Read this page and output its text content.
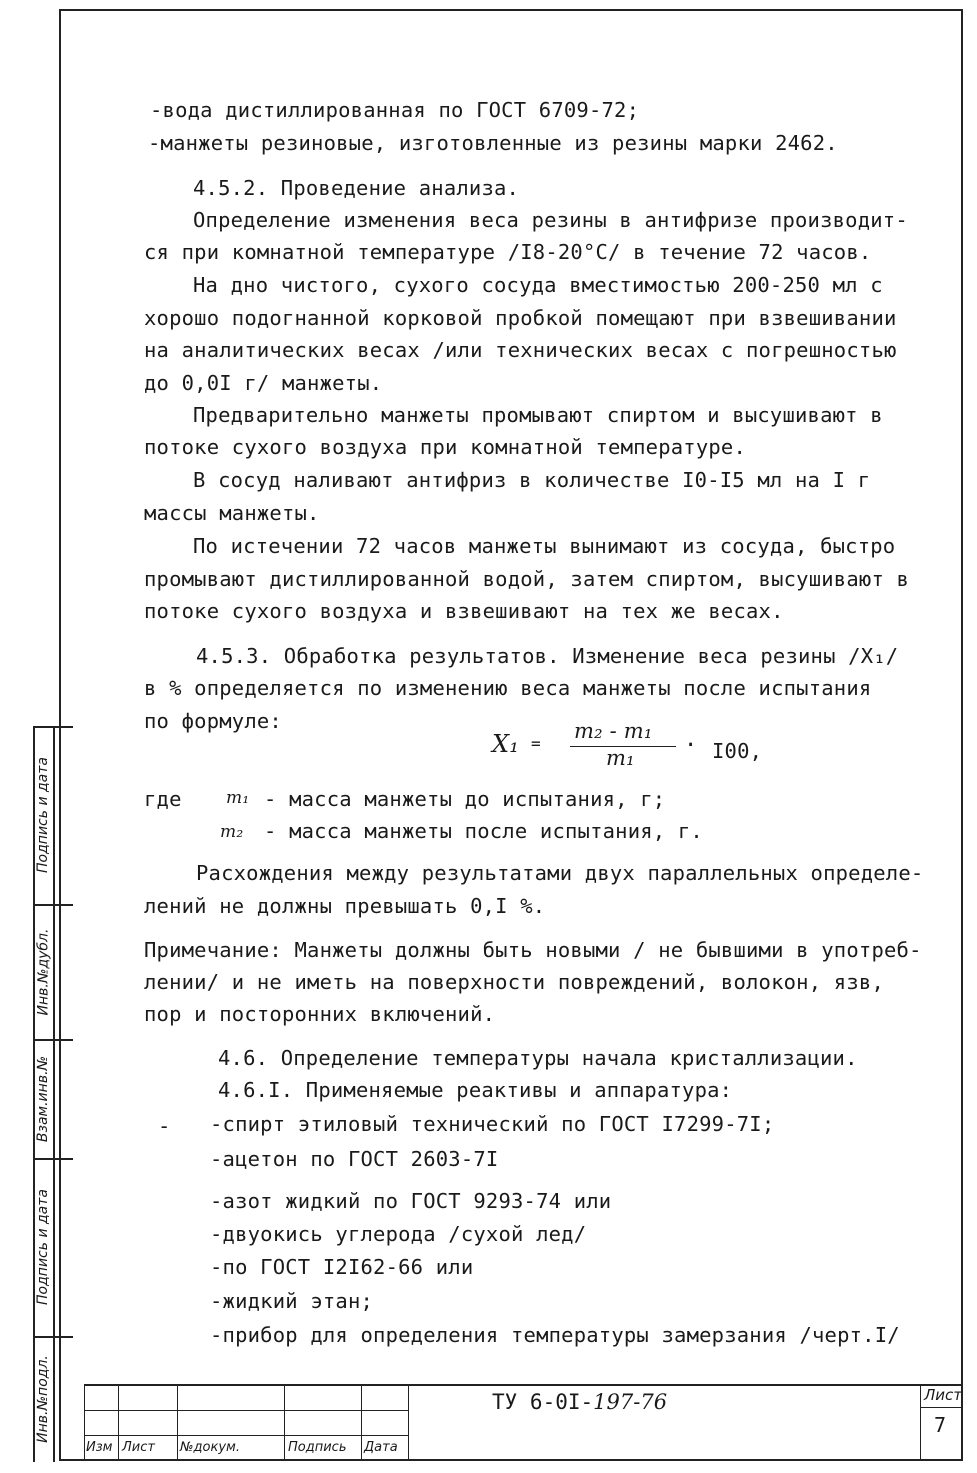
-вода дистиллированная по ГОСТ 6709-72;
-манжеты резиновые, изготовленные из резины марки 2462.
4.5.2. Проведение анализа.
Определение изменения веса резины в антифризе производит-
ся при комнатной температуре /I8-20°С/ в течение 72 часов.
На дно чистого, сухого сосуда вместимостью 200-250 мл с
хорошо подогнанной корковой пробкой помещают при взвешивании
на аналитических весах /или технических весах с погрешностью
до 0,0I г/ манжеты.
Предварительно манжеты промывают спиртом и высушивают в
потоке сухого воздуха при комнатной температуре.
В сосуд наливают антифриз в количестве I0-I5 мл на I г
массы манжеты.
По истечении 72 часов манжеты вынимают из сосуда, быстро
промывают дистиллированной водой, затем спиртом, высушивают в
потоке сухого воздуха и взвешивают на тех же весах.
4.5.3. Обработка результатов. Изменение веса резины /X₁/
в % определяется по изменению веса манжеты после испытания
по формуле:
где	- масса манжеты до испытания, г;
- масса манжеты после испытания, г.
Расхождения между результатами двух параллельных определе-
лений не должны превышать 0,I %.
Примечание: Манжеты должны быть новыми / не бывшими в употреб-
лении/ и не иметь на поверхности повреждений, волокон, язв,
пор и посторонних включений.
4.6. Определение температуры начала кристаллизации.
4.6.I. Применяемые реактивы и аппаратура:
-спирт этиловый технический по ГОСТ I7299-7I;
-ацетон по ГОСТ 2603-7I
-азот жидкий по ГОСТ 9293-74 или
-двуокись углерода /сухой лед/
-по ГОСТ I2I62-66 или
-жидкий этан;
-прибор для определения температуры замерзания /черт.I/
X₁ =
m₂ - m₁
m₁ · I00,
m₁
m₂
-
Подпись и дата
Инв.№дубл.
Взам.инв.№
Подпись и дата
Инв.№подл.
Изм Лист №докум.	Подпись Дата
ТУ 6-0I-197-76	Лист
7
